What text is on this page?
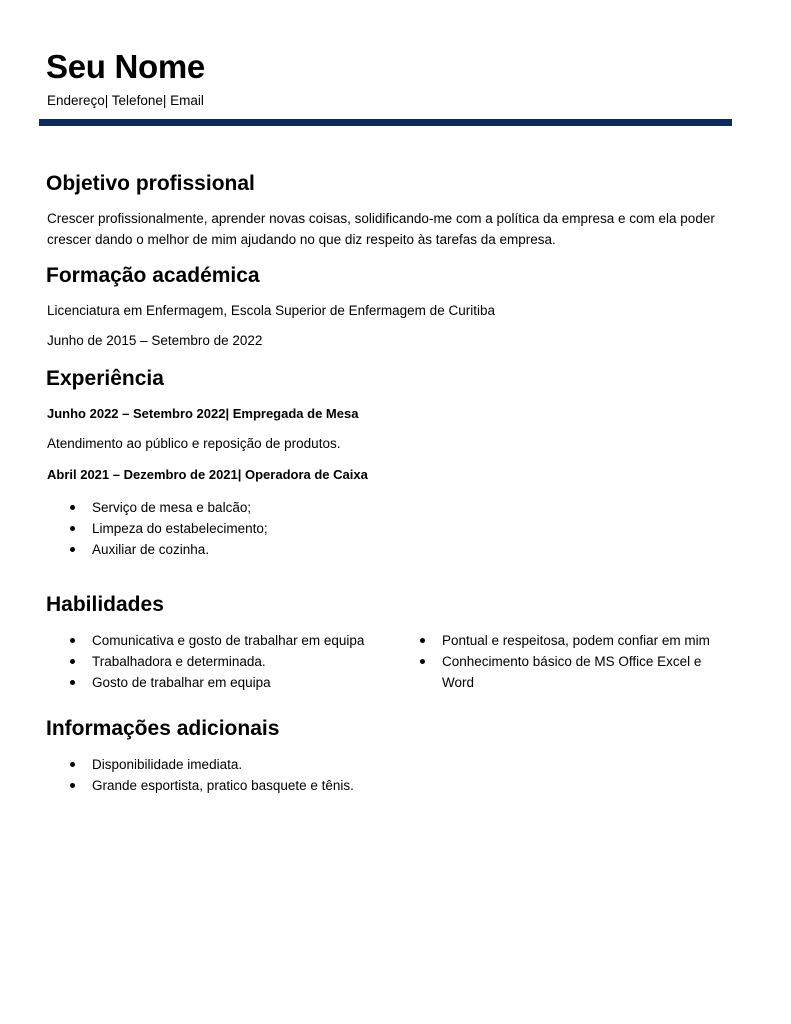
Seu Nome
Endereço| Telefone| Email
Objetivo profissional
Crescer profissionalmente, aprender novas coisas, solidificando-me com a política da empresa e com ela poder crescer dando o melhor de mim ajudando no que diz respeito às tarefas da empresa.
Formação académica
Licenciatura em Enfermagem, Escola Superior de Enfermagem de Curitiba
Junho de 2015 – Setembro de 2022
Experiência
Junho 2022 – Setembro 2022| Empregada de Mesa
Atendimento ao público e reposição de produtos.
Abril 2021 – Dezembro de 2021| Operadora de Caixa
Serviço de mesa e balcão;
Limpeza do estabelecimento;
Auxiliar de cozinha.
Habilidades
Comunicativa e gosto de trabalhar em equipa
Trabalhadora e determinada.
Gosto de trabalhar em equipa
Pontual e respeitosa, podem confiar em mim
Conhecimento básico de MS Office Excel e Word
Informações adicionais
Disponibilidade imediata.
Grande esportista, pratico basquete e tênis.
